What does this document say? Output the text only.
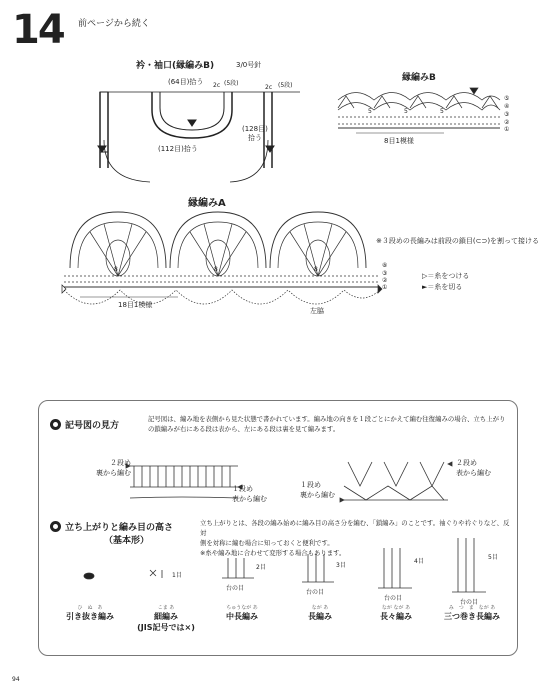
14 前ページから続く
衿・袖口(縁編みB)	3/0号針
(64目)拾う
(112目)拾う
(128目)
拾う
2c (5段)
2c (5段)
縁編みB
8目1模様
⑤
④
③
②
①
5	5	5
縁編みA
8	8	8
⑧
③
②
①
18目1模様
左脇
※３段めの長編みは前段の鎖目(⊂⊃)を割って接ける
▷＝糸をつける
►＝糸を切る
記号図の見方
記号図は、編み地を表側から見た状態で書かれています。編み地の向きを１段ごとにかえて編む往復編みの場合、立ち上がり
の鎖編みが右にある段は表から、左にある段は裏を見て編みます。
２段め
裏から編む
１段め
表から編む
１段め
裏から編む
２段め
表から編む
立ち上がりと編み目の高さ
（基本形）
立ち上がりとは、各段の編み始めに編み目の高さ分を編む、「鎖編み」のことです。袖ぐりや衿ぐりなど、反対
側を対称に編む場合に知っておくと便利です。
※糸や編み地に合わせて変形する場合もあります。
1目
2目	3目
4目
5目
台の目
台の目
台の目
台の目
ひ　ぬ　あ
引き抜き編み
こま あ
細編み
(JIS記号では×)
ちゅうなが あ
中長編み
なが あ
長編み
なが なが あ
長々編み
み　つ　ま　なが あ
三つ巻き長編み
94
